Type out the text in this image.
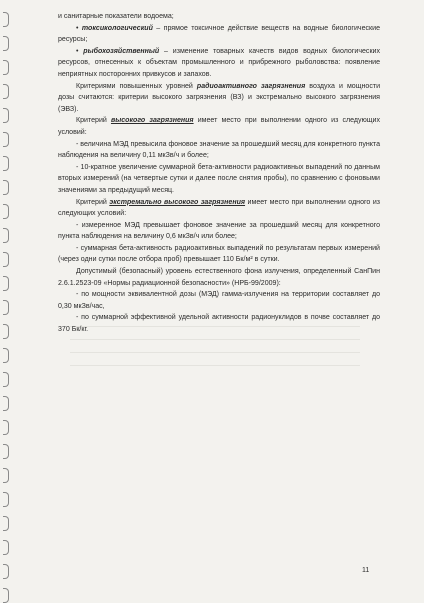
и санитарные показатели водоема;

• токсикологический – прямое токсичное действие веществ на водные биологические ресурсы;

• рыбохозяйственный – изменение товарных качеств видов водных биологических ресурсов, отнесенных к объектам промышленного и прибрежного рыболовства: появление неприятных посторонних привкусов и запахов.

Критериями повышенных уровней радиоактивного загрязнения воздуха и мощности дозы считаются: критерии высокого загрязнения (ВЗ) и экстремально высокого загрязнения (ЭВЗ).

Критерий высокого загрязнения имеет место при выполнении одного из следующих условий:

- величина МЭД превысила фоновое значение за прошедший месяц для конкретного пункта наблюдения на величину 0,11 мкЗв/ч и более;

- 10-кратное увеличение суммарной бета-активности радиоактивных выпадений по данным вторых измерений (на четвертые сутки и далее после снятия пробы), по сравнению с фоновыми значениями за предыдущий месяц.

Критерий экстремально высокого загрязнения имеет место при выполнении одного из следующих условий:

- измеренное МЭД превышает фоновое значение за прошедший месяц для конкретного пункта наблюдения на величину 0,6 мкЗв/ч или более;

- суммарная бета-активность радиоактивных выпадений по результатам первых измерений (через одни сутки после отбора проб) превышает 110 Бк/м² в сутки.

Допустимый (безопасный) уровень естественного фона излучения, определенный СанПин 2.6.1.2523-09 «Нормы радиационной безопасности» (НРБ-99/2009):

- по мощности эквивалентной дозы (МЭД) гамма-излучения на территории составляет до 0,30 мкЗв/час,

- по суммарной эффективной удельной активности радионуклидов в почве составляет до 370 Бк/кг.

11
